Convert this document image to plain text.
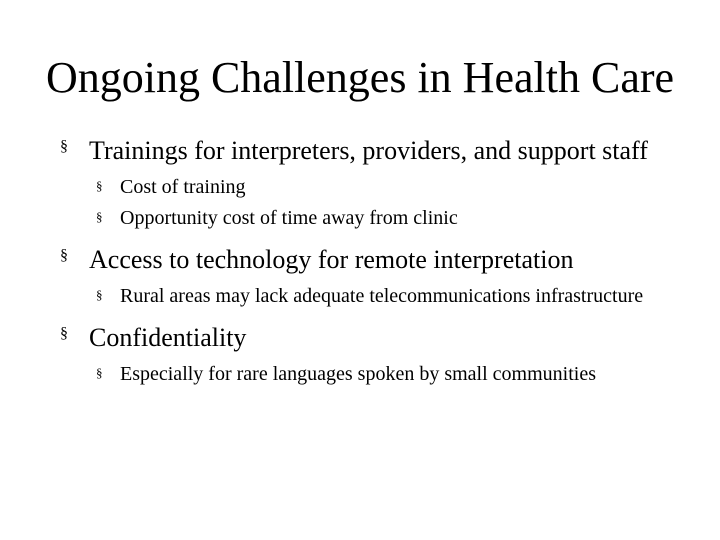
Ongoing Challenges in Health Care
§ Trainings for interpreters, providers, and support staff
§ Cost of training
§ Opportunity cost of time away from clinic
§ Access to technology for remote interpretation
§ Rural areas may lack adequate telecommunications infrastructure
§ Confidentiality
§ Especially for rare languages spoken by small communities
